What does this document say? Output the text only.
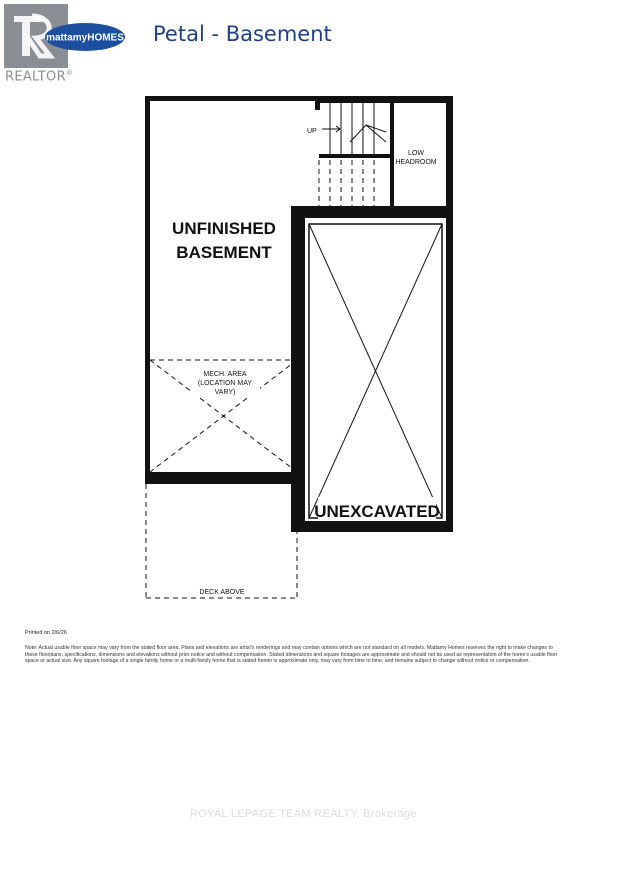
REALTOR®
mattamyHOMES Petal - Basement
UP
LOW
HEADROOM
UNEXCAVATED
UNFINISHED
BASEMENT
MECH. AREA
(LOCATION MAY
VARY)
DECK ABOVE
Printed on 2/6/26
Note: Actual usable floor space may vary from the stated floor area. Plans and elevations are artist's renderings and may contain options which are not standard on all models. Mattamy Homes reserves the right to make changes to these floorplans, specifications, dimensions and elevations without prior notice and without compensation. Stated dimensions and square footages are approximate and should not be used as representation of the home's usable floor space or actual size. Any square footage of a single family home or a multi-family home that is stated herein is approximate only, may vary from time to time, and remains subject to change without notice or compensation.
ROYAL LEPAGE TEAM REALTY, Brokerage
